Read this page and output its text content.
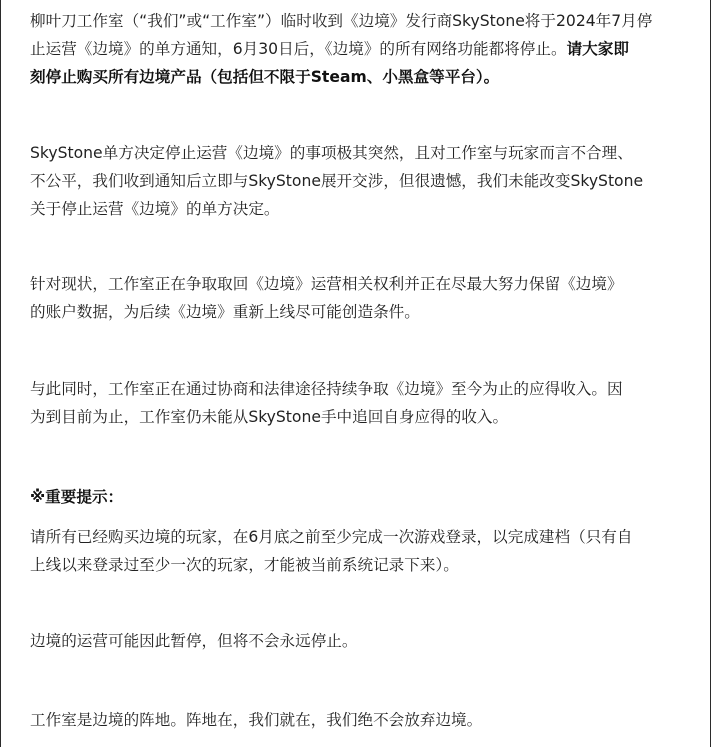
柳叶刀工作室（“我们”或“工作室”）临时收到《边境》发行商SkyStone将于2024年7月停
止运营《边境》的单方通知，6月30日后，《边境》的所有网络功能都将停止。请大家即
刻停止购买所有边境产品（包括但不限于Steam、小黑盒等平台）。
SkyStone单方决定停止运营《边境》的事项极其突然，且对工作室与玩家而言不合理、
不公平，我们收到通知后立即与SkyStone展开交涉，但很遗憾，我们未能改变SkyStone
关于停止运营《边境》的单方决定。
针对现状，工作室正在争取取回《边境》运营相关权利并正在尽最大努力保留《边境》
的账户数据，为后续《边境》重新上线尽可能创造条件。
与此同时，工作室正在通过协商和法律途径持续争取《边境》至今为止的应得收入。因
为到目前为止，工作室仍未能从SkyStone手中追回自身应得的收入。
※重要提示：
请所有已经购买边境的玩家，在6月底之前至少完成一次游戏登录，以完成建档（只有自
上线以来登录过至少一次的玩家，才能被当前系统记录下来）。
边境的运营可能因此暂停，但将不会永远停止。
工作室是边境的阵地。阵地在，我们就在，我们绝不会放弃边境。
